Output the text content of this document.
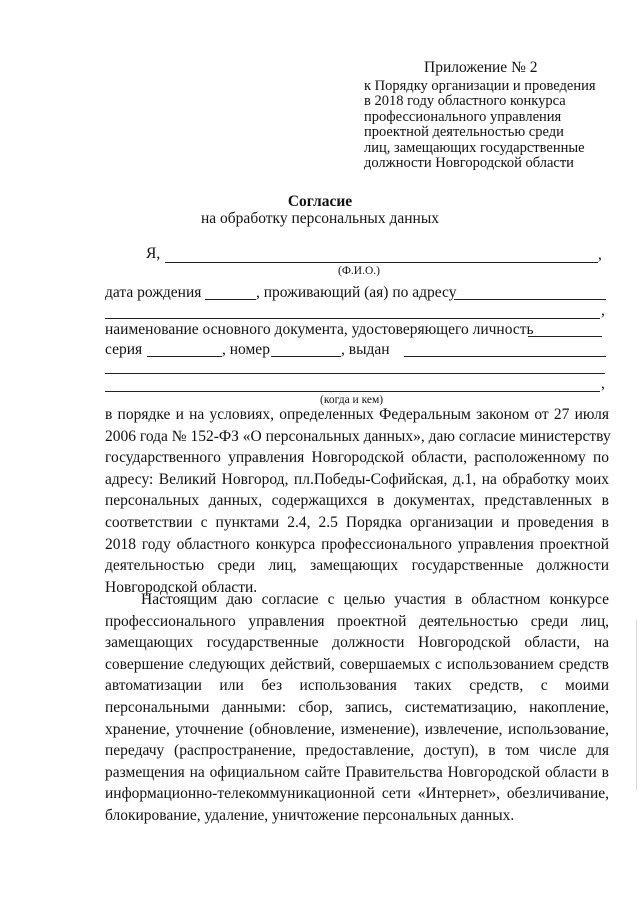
Приложение № 2
к Порядку организации и проведения
в 2018 году областного конкурса
профессионального управления
проектной деятельностью среди
лиц, замещающих государственные
должности Новгородской области
Согласие
на обработку персональных данных
Я,	,
(Ф.И.О.)
дата рождения	, проживающий (ая) по адресу
,
наименование основного документа, удостоверяющего личность
серия	, номер	, выдан
,
(когда и кем)
в порядке и на условиях, определенных Федеральным законом от 27 июля
2006 года № 152-ФЗ «О персональных данных», даю согласие министерству
государственного управления Новгородской области, расположенному по
адресу: Великий Новгород, пл.Победы-Софийская, д.1, на обработку моих
персональных данных, содержащихся в документах, представленных в
соответствии с пунктами 2.4, 2.5 Порядка организации и проведения в
2018 году областного конкурса профессионального управления проектной
деятельностью среди лиц, замещающих государственные должности
Новгородской области.
Настоящим даю согласие с целью участия в областном конкурсе
профессионального управления проектной деятельностью среди лиц,
замещающих государственные должности Новгородской области, на
совершение следующих действий, совершаемых с использованием средств
автоматизации или без использования таких средств, с моими
персональными данными: сбор, запись, систематизацию, накопление,
хранение, уточнение (обновление, изменение), извлечение, использование,
передачу (распространение, предоставление, доступ), в том числе для
размещения на официальном сайте Правительства Новгородской области в
информационно-телекоммуникационной сети «Интернет», обезличивание,
блокирование, удаление, уничтожение персональных данных.
